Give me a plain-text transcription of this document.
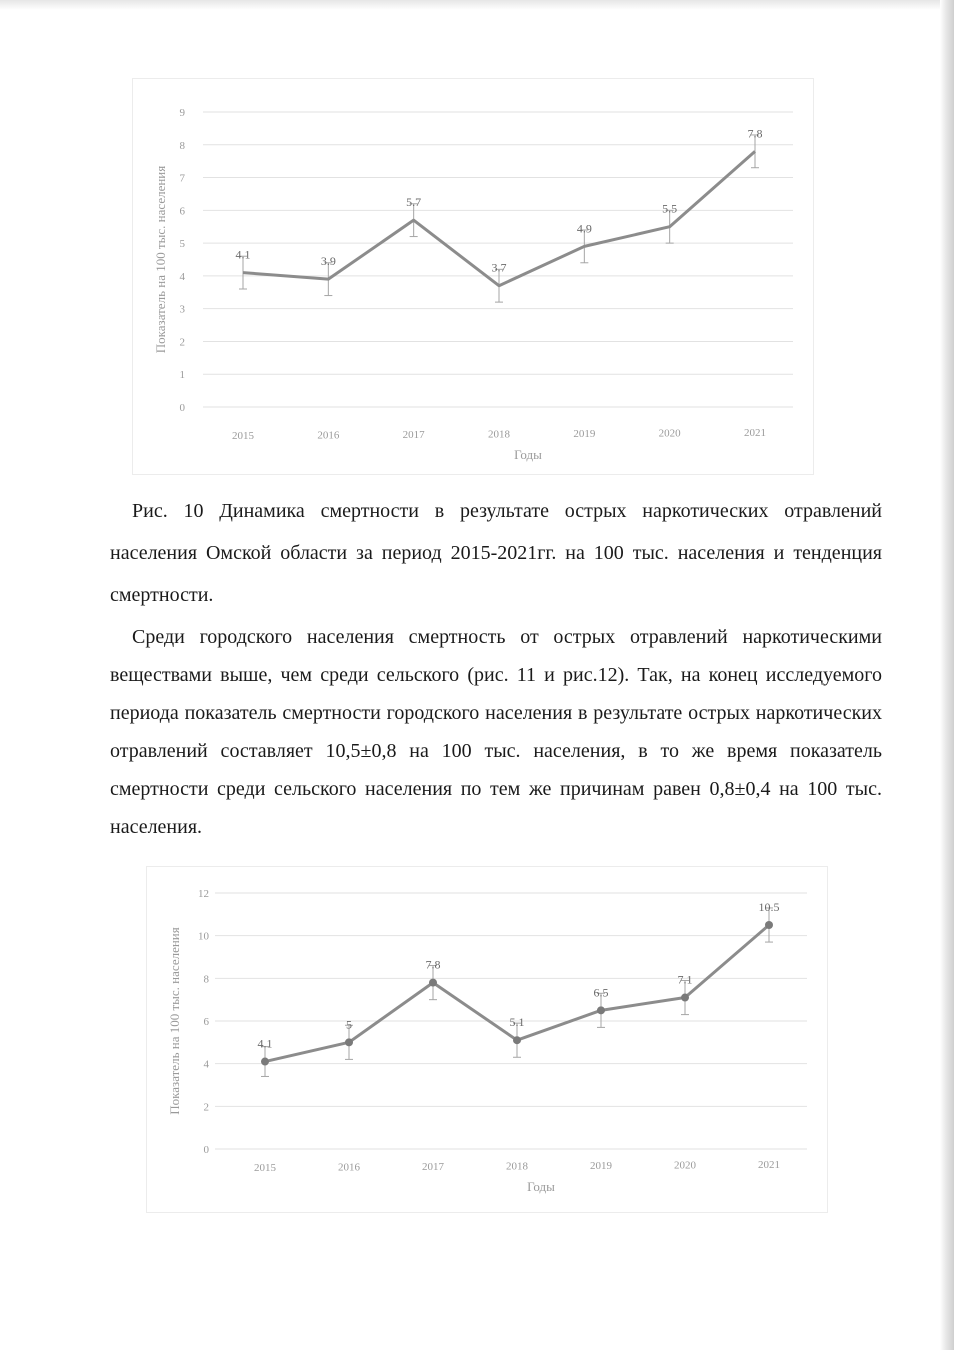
0
1
2
3
4
5
6
7
8
9
2015	2016	2017	2018	2019	2020	2021
Годы
Показатель на 100 тыс. населения	4.1	3.9
5.7
3.7
4.9
5.5
7.8
Рис. 10 Динамика смертности в результате острых наркотических отравлений населения Омской области за период 2015-2021гг. на 100 тыс. населения и тенденция смертности.
Среди городского населения смертность от острых отравлений наркотическими веществами выше, чем среди сельского (рис. 11 и рис.12). Так, на конец исследуемого периода показатель смертности городского населения в результате острых наркотических отравлений составляет 10,5±0,8 на 100 тыс. населения, в то же время показатель смертности среди сельского населения по тем же причинам равен 0,8±0,4 на 100 тыс. населения.
0
2
4
6
8
10
12
2015	2016	2017	2018	2019	2020	2021
Годы
Показатель на 100 тыс. населения	4.1
5
7.8
5.1
6.5
7.1
10.5
